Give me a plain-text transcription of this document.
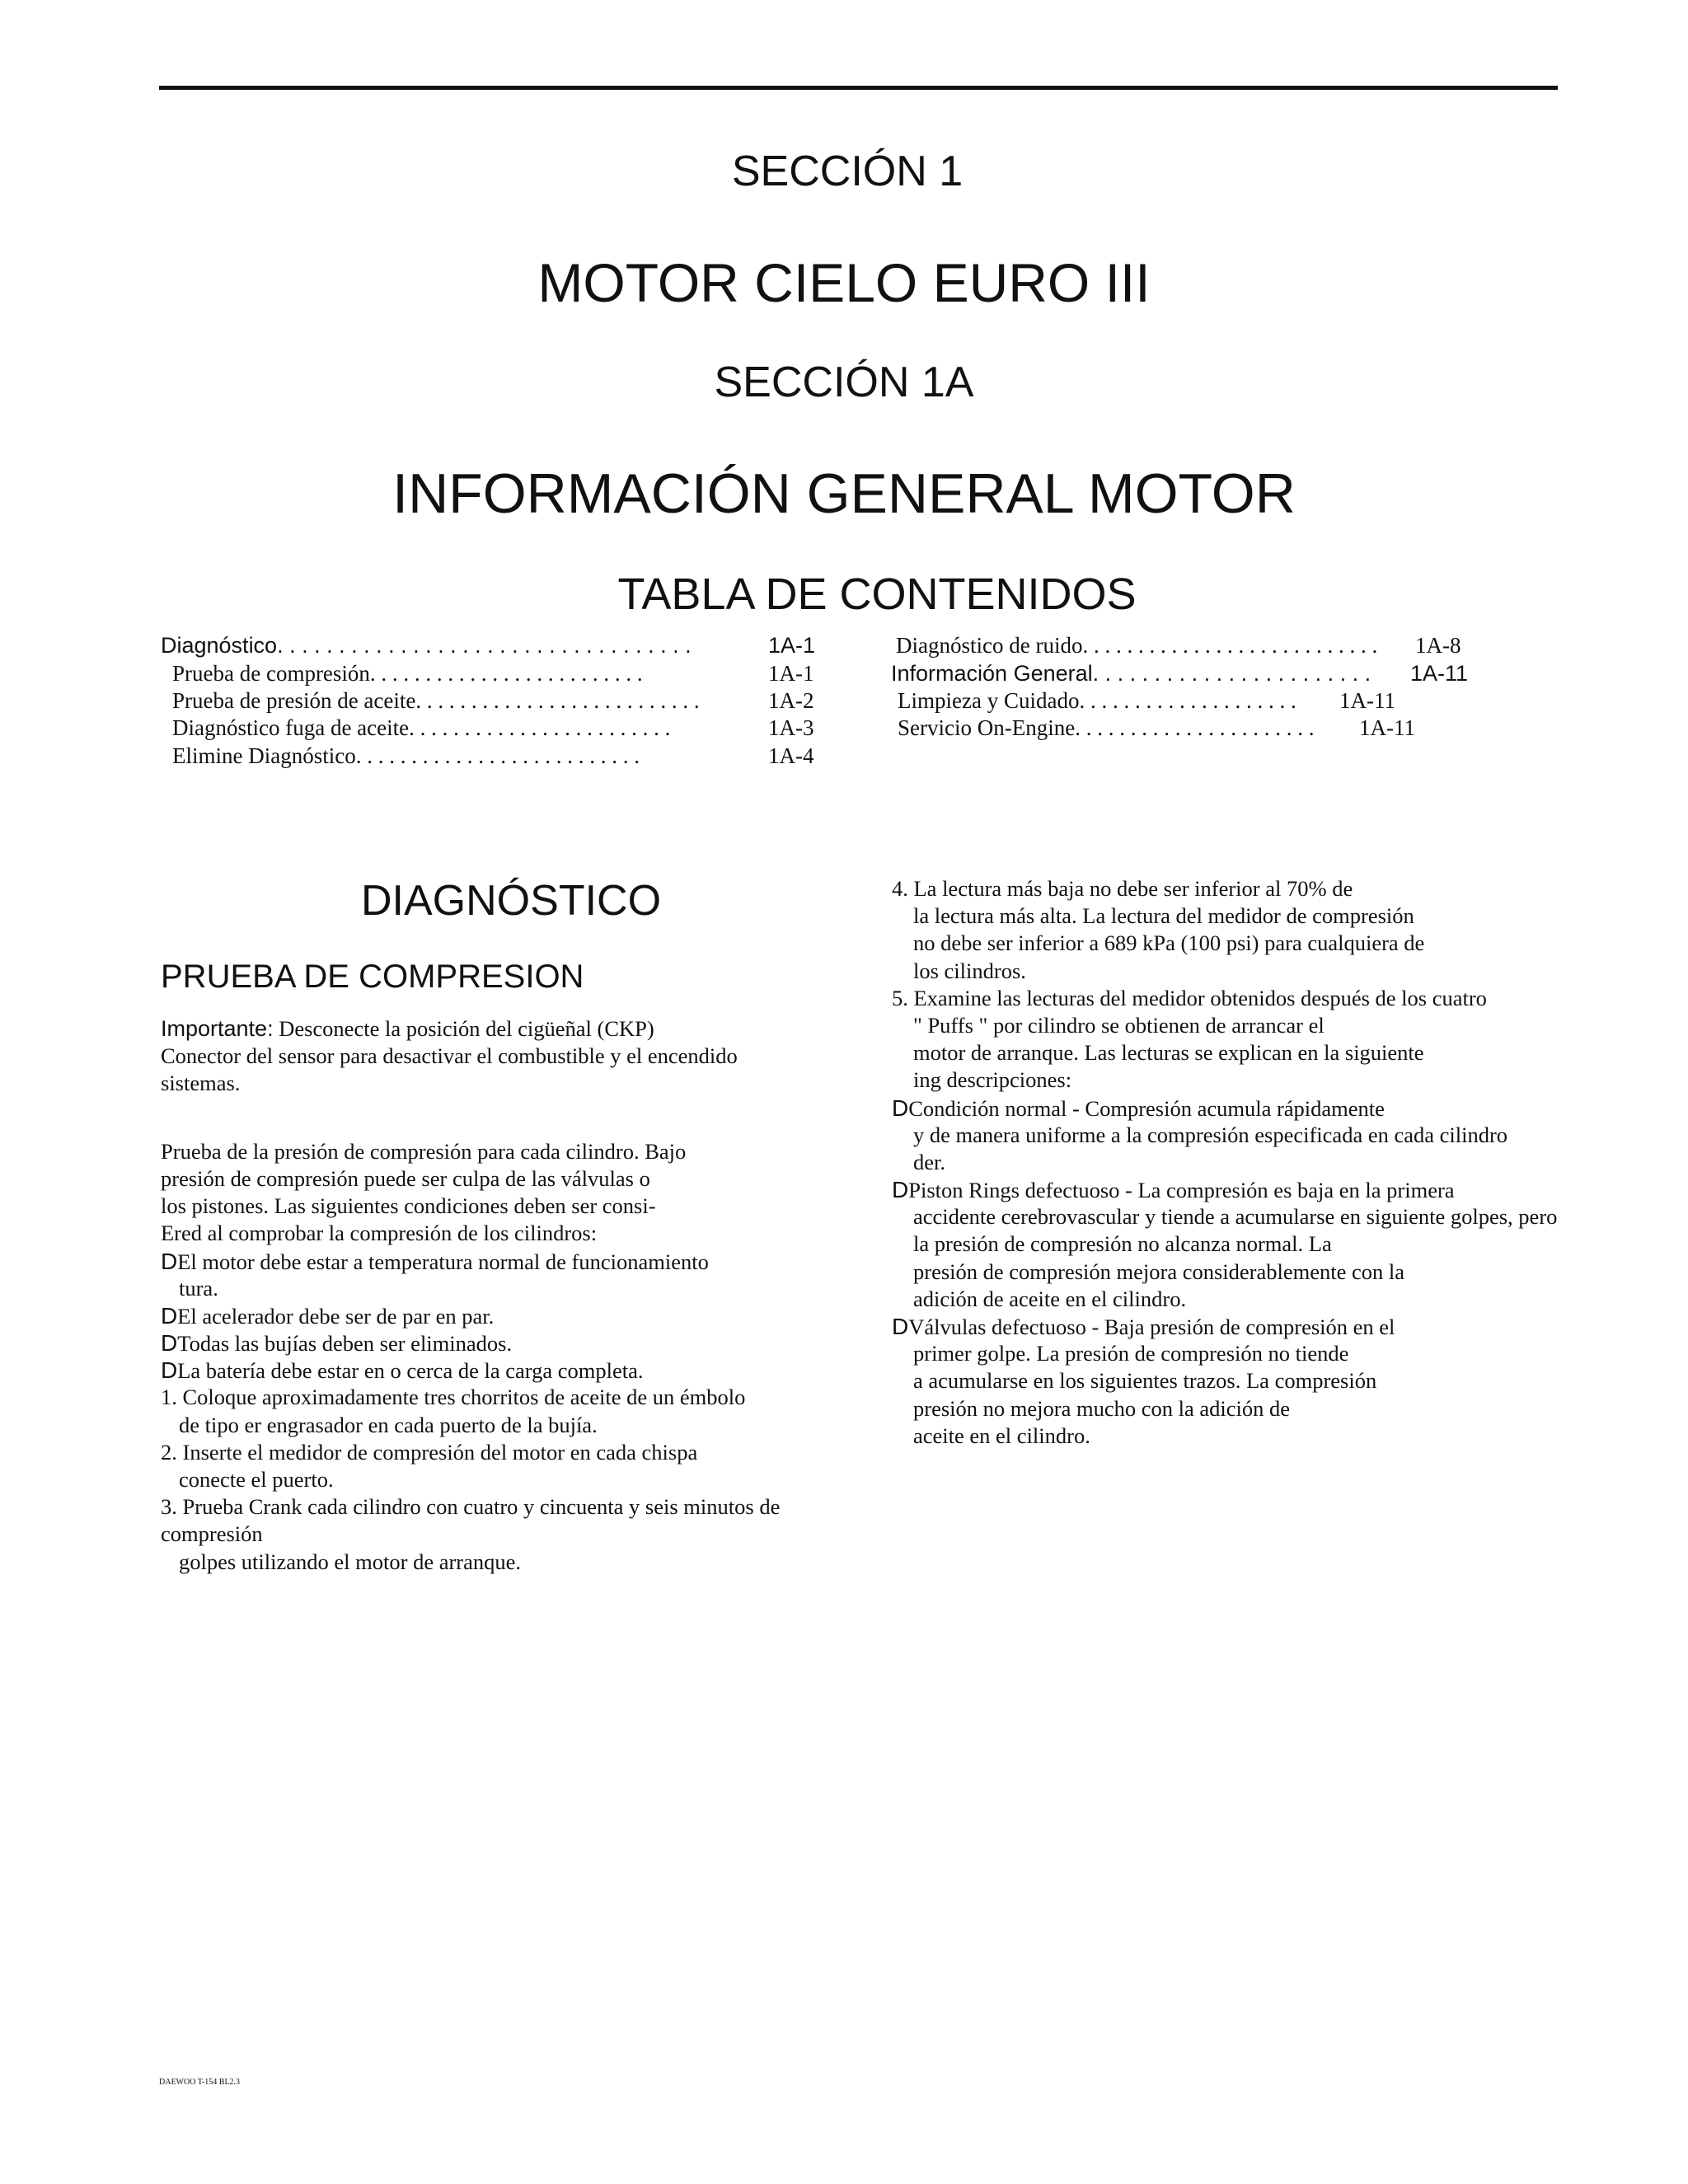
SECCIÓN 1
MOTOR CIELO EURO III
SECCIÓN 1A
INFORMACIÓN GENERAL MOTOR
TABLA DE CONTENIDOS
Diagnóstico. . . . . . . . . . . . . . . . . . . . . . . . . . . . . . . . . .	1A-1
Prueba de compresión. . . . . . . . . . . . . . . . . . . . . . . . .	1A-1
Prueba de presión de aceite. . . . . . . . . . . . . . . . . . . . . . . . . .	1A-2
Diagnóstico fuga de aceite. . . . . . . . . . . . . . . . . . . . . . . .	1A-3
Elimine Diagnóstico. . . . . . . . . . . . . . . . . . . . . . . . . .	1A-4
Diagnóstico de ruido. . . . . . . . . . . . . . . . . . . . . . . . . . . 1A-8
Información General. . . . . . . . . . . . . . . . . . . . . . . 1A-11
Limpieza y Cuidado. . . . . . . . . . . . . . . . . . . . 1A-11
Servicio On-Engine. . . . . . . . . . . . . . . . . . . . . . 1A-11
DIAGNÓSTICO
PRUEBA DE COMPRESION
Importante: Desconecte la posición del cigüeñal (CKP)
Conector del sensor para desactivar el combustible y el encendido
sistemas.
Prueba de la presión de compresión para cada cilindro. Bajo
presión de compresión puede ser culpa de las válvulas o
los pistones. Las siguientes condiciones deben ser consi-
Ered al comprobar la compresión de los cilindros:
DEl motor debe estar a temperatura normal de funcionamiento
tura.
DEl acelerador debe ser de par en par.
DTodas las bujías deben ser eliminados.
DLa batería debe estar en o cerca de la carga completa.
1. Coloque aproximadamente tres chorritos de aceite de un émbolo
de tipo er engrasador en cada puerto de la bujía.
2. Inserte el medidor de compresión del motor en cada chispa
conecte el puerto.
3. Prueba Crank cada cilindro con cuatro y cincuenta y seis minutos de
compresión
golpes utilizando el motor de arranque.
4. La lectura más baja no debe ser inferior al 70% de
la lectura más alta. La lectura del medidor de compresión
no debe ser inferior a 689 kPa (100 psi) para cualquiera de
los cilindros.
5. Examine las lecturas del medidor obtenidos después de los cuatro
" Puffs " por cilindro se obtienen de arrancar el
motor de arranque. Las lecturas se explican en la siguiente
ing descripciones:
DCondición normal - Compresión acumula rápidamente
y de manera uniforme a la compresión especificada en cada cilindro
der.
DPiston Rings defectuoso - La compresión es baja en la primera
accidente cerebrovascular y tiende a acumularse en siguiente golpes, pero
la presión de compresión no alcanza normal. La
presión de compresión mejora considerablemente con la
adición de aceite en el cilindro.
DVálvulas defectuoso - Baja presión de compresión en el
primer golpe. La presión de compresión no tiende
a acumularse en los siguientes trazos. La compresión
presión no mejora mucho con la adición de
aceite en el cilindro.
DAEWOO T-154 BL2.3
